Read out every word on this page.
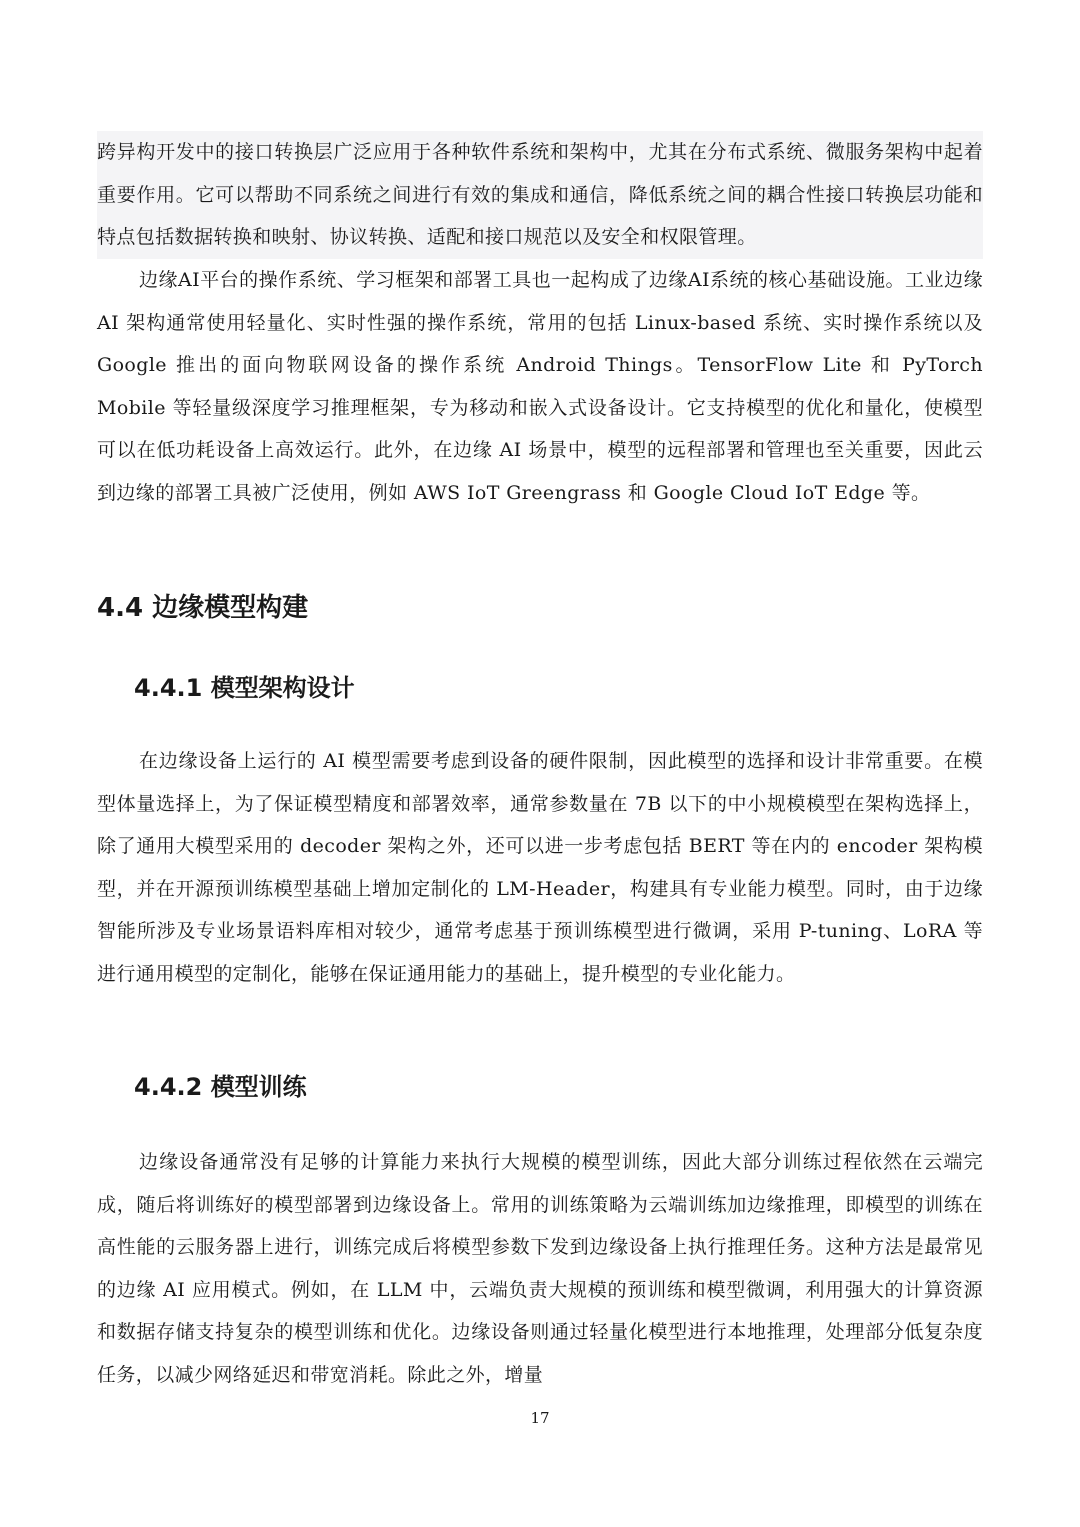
跨异构开发中的接口转换层广泛应用于各种软件系统和架构中，尤其在分布式系统、微服务架构中起着重要作用。它可以帮助不同系统之间进行有效的集成和通信，降低系统之间的耦合性接口转换层功能和特点包括数据转换和映射、协议转换、适配和接口规范以及安全和权限管理。

边缘AI平台的操作系统、学习框架和部署工具也一起构成了边缘AI系统的核心基础设施。工业边缘 AI 架构通常使用轻量化、实时性强的操作系统，常用的包括 Linux-based 系统、实时操作系统以及 Google 推出的面向物联网设备的操作系统 Android Things。TensorFlow Lite 和 PyTorch Mobile 等轻量级深度学习推理框架，专为移动和嵌入式设备设计。它支持模型的优化和量化，使模型可以在低功耗设备上高效运行。此外，在边缘 AI 场景中，模型的远程部署和管理也至关重要，因此云到边缘的部署工具被广泛使用，例如 AWS IoT Greengrass 和 Google Cloud IoT Edge 等。

4.4 边缘模型构建
4.4.1 模型架构设计

在边缘设备上运行的 AI 模型需要考虑到设备的硬件限制，因此模型的选择和设计非常重要。在模型体量选择上，为了保证模型精度和部署效率，通常参数量在 7B 以下的中小规模模型在架构选择上，除了通用大模型采用的 decoder 架构之外，还可以进一步考虑包括 BERT 等在内的 encoder 架构模型，并在开源预训练模型基础上增加定制化的 LM-Header，构建具有专业能力模型。同时，由于边缘智能所涉及专业场景语料库相对较少，通常考虑基于预训练模型进行微调，采用 P-tuning、LoRA 等进行通用模型的定制化，能够在保证通用能力的基础上，提升模型的专业化能力。

4.4.2 模型训练

边缘设备通常没有足够的计算能力来执行大规模的模型训练，因此大部分训练过程依然在云端完成，随后将训练好的模型部署到边缘设备上。常用的训练策略为云端训练加边缘推理，即模型的训练在高性能的云服务器上进行，训练完成后将模型参数下发到边缘设备上执行推理任务。这种方法是最常见的边缘 AI 应用模式。例如，在 LLM 中，云端负责大规模的预训练和模型微调，利用强大的计算资源和数据存储支持复杂的模型训练和优化。边缘设备则通过轻量化模型进行本地推理，处理部分低复杂度任务，以减少网络延迟和带宽消耗。除此之外，增量

17
